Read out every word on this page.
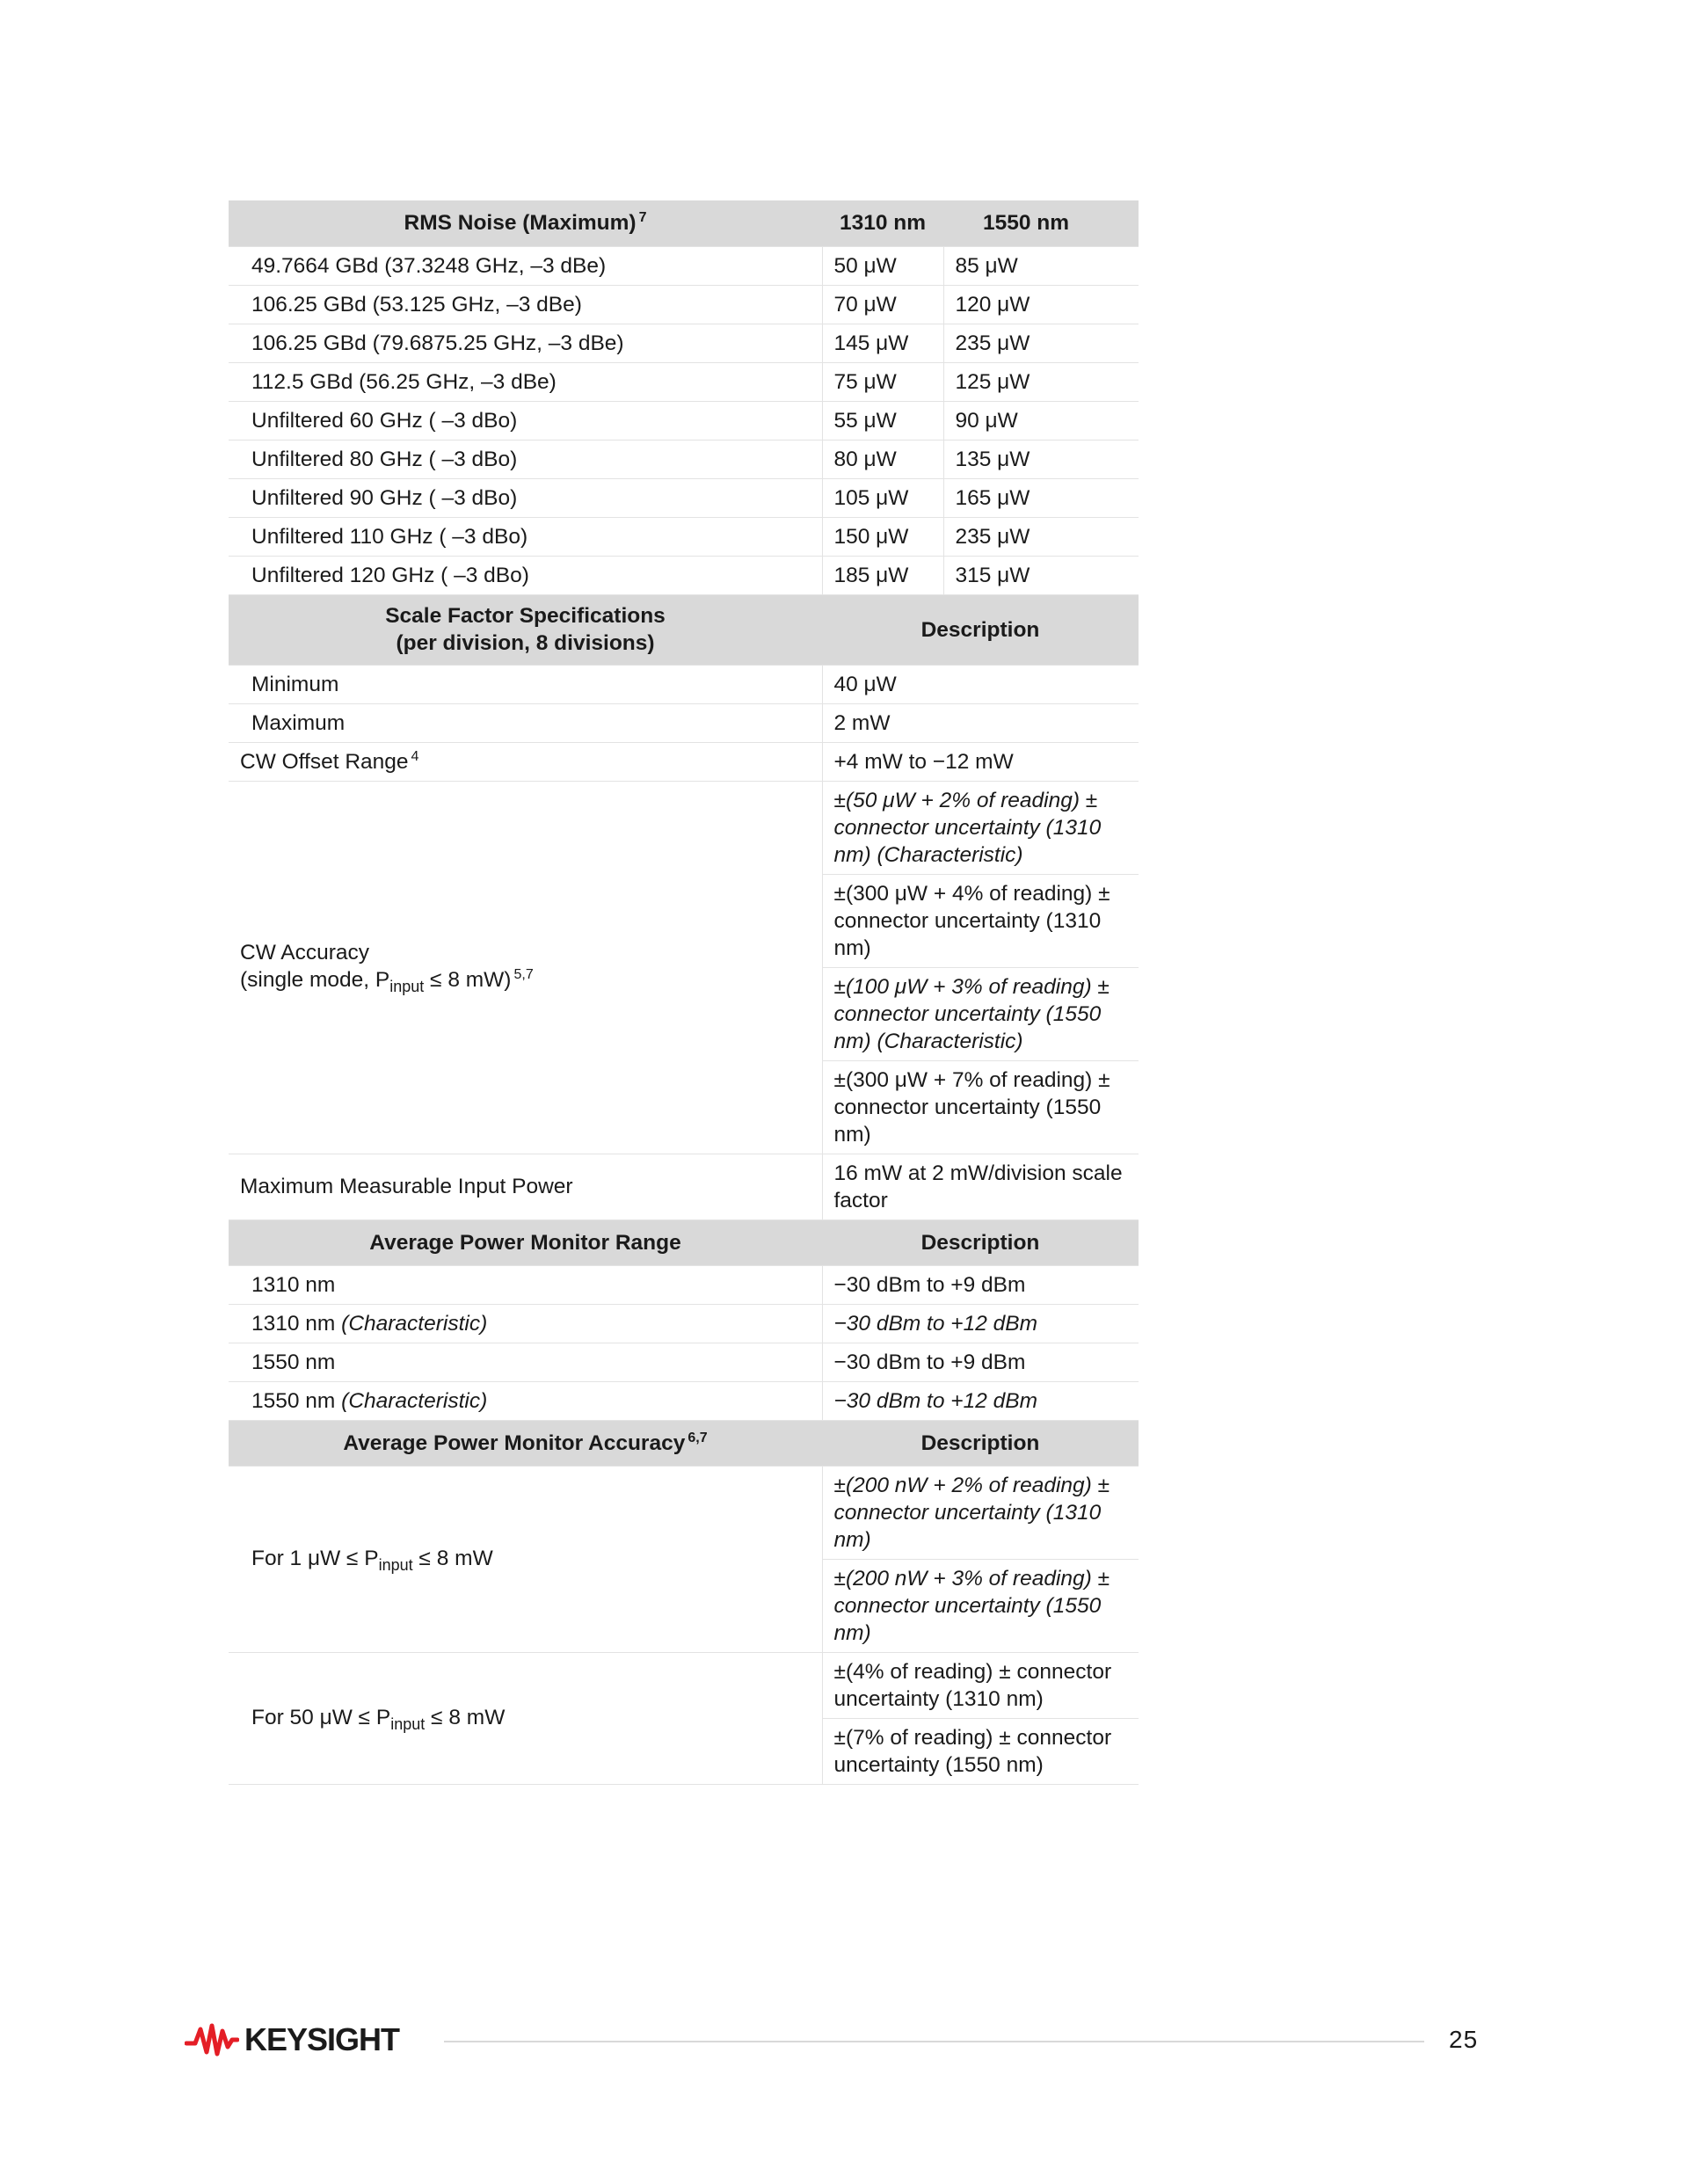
RMS Noise (Maximum) $^7$	1310 nm	1550 nm
49.7664 GBd (37.3248 GHz, –3 dBe)	50 μW	85 μW
106.25 GBd (53.125 GHz, –3 dBe)	70 μW	120 μW
106.25 GBd (79.6875.25 GHz, –3 dBe)	145 μW	235 μW
112.5 GBd (56.25 GHz, –3 dBe)	75 μW	125 μW
Unfiltered 60 GHz ( –3 dBo)	55 μW	90 μW
Unfiltered 80 GHz ( –3 dBo)	80 μW	135 μW
Unfiltered 90 GHz ( –3 dBo)	105 μW	165 μW
Unfiltered 110 GHz ( –3 dBo)	150 μW	235 μW
Unfiltered 120 GHz ( –3 dBo)	185 μW	315 μW
Scale Factor Specifications
(per division, 8 divisions)	Description	
Minimum	40 μW	
Maximum	2 mW	
CW Offset Range $^4$	+4 mW to −12 mW	
CW Accuracy
(single mode, $P_{input} \le 8$ mW) $^{5,7}$	±(50 μW + 2% of reading) ± connector uncertainty (1310 nm) (Characteristic)	
	±(300 μW + 4% of reading) ± connector uncertainty (1310 nm)	
	±(100 μW + 3% of reading) ± connector uncertainty (1550 nm) (Characteristic)	
	±(300 μW + 7% of reading) ± connector uncertainty (1550 nm)	
Maximum Measurable Input Power	16 mW at 2 mW/division scale factor	
Average Power Monitor Range	Description	
1310 nm	−30 dBm to +9 dBm	
1310 nm (Characteristic)	−30 dBm to +12 dBm	
1550 nm	−30 dBm to +9 dBm	
1550 nm (Characteristic)	−30 dBm to +12 dBm	
Average Power Monitor Accuracy $^{6,7}$	Description	
For 1 $\mu W \le P_{input} \le 8$ mW	±(200 nW + 2% of reading) ± connector uncertainty (1310 nm)	
	±(200 nW + 3% of reading) ± connector uncertainty (1550 nm)	
For 50 $\mu W \le P_{input} \le 8$ mW	±(4% of reading) ± connector uncertainty (1310 nm)	
	±(7% of reading) ± connector uncertainty (1550 nm)	
KEYSIGHT	25
